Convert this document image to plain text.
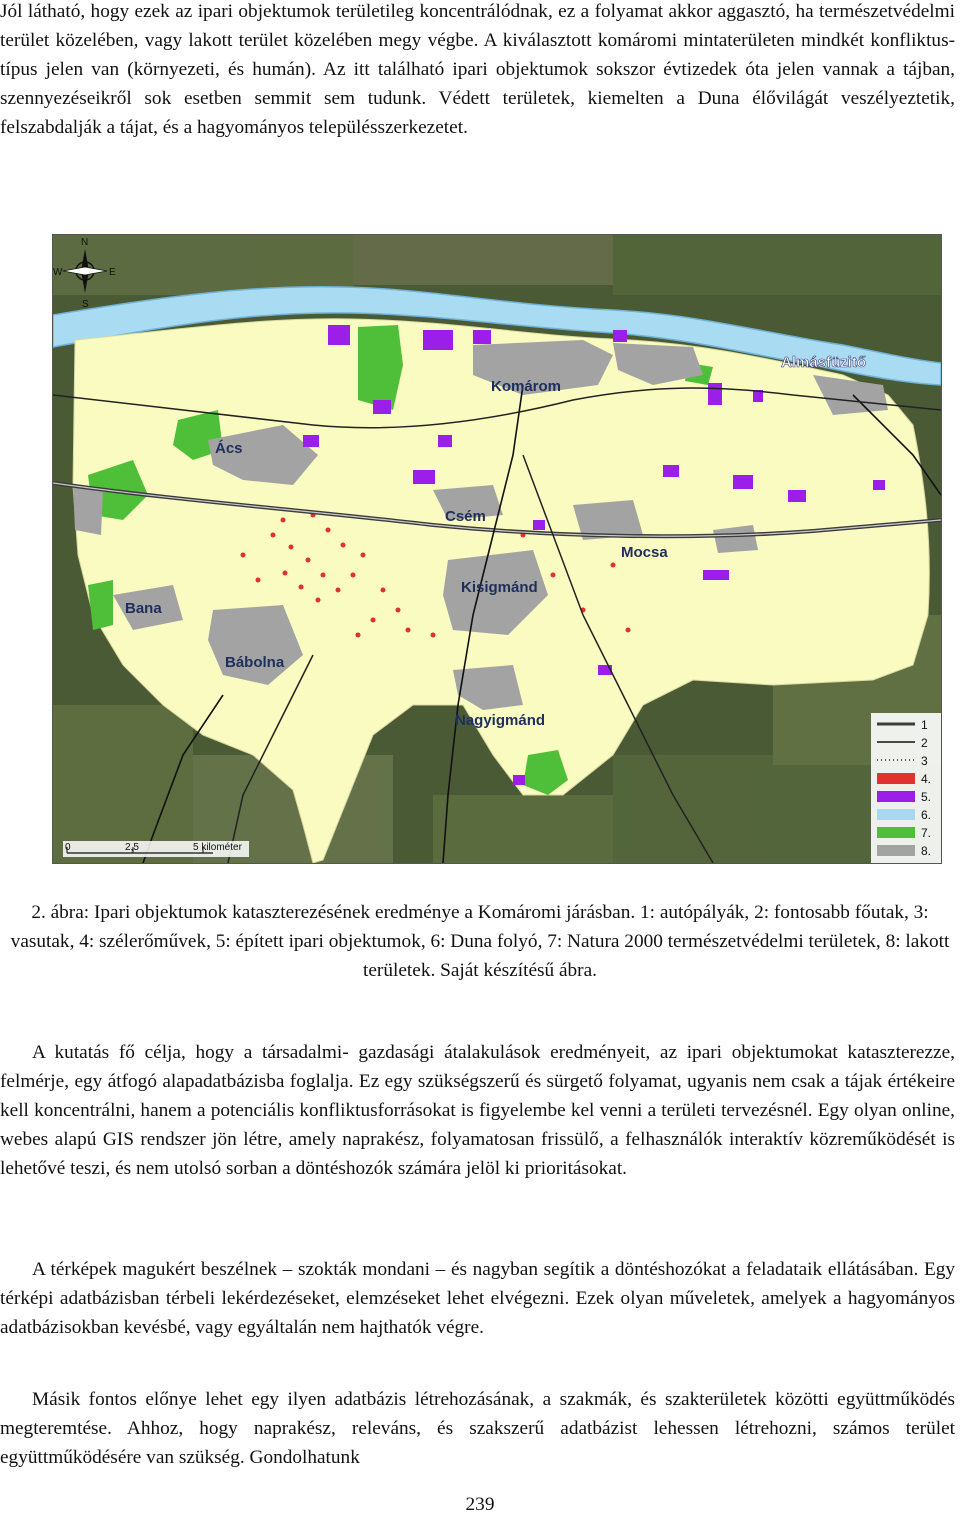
Jól látható, hogy ezek az ipari objektumok területileg koncentrálódnak, ez a folyamat akkor aggasztó, ha természetvédelmi terület közelében, vagy lakott terület közelében megy végbe. A kiválasztott komáromi mintaterületen mindkét konfliktus-típus jelen van (környezeti, és humán). Az itt található ipari objektumok sokszor évtizedek óta jelen vannak a tájban, szennyezéseikről sok esetben semmit sem tudunk. Védett területek, kiemelten a Duna élővilágát veszélyeztetik, felszabdalják a tájat, és a hagyományos településszerkezetet.

N
S
E
W
0	2,5	5 kilométer
Komárom
Almásfüzitő
Ács
Csém
Mocsa
Kisigmánd
Bana
Bábolna
Nagyigmánd	1
2
3
4.
5.
6.
7.
8.

2. ábra: Ipari objektumok kataszterezésének eredménye a Komáromi járásban. 1: autópályák, 2: fontosabb főutak, 3: vasutak, 4: szélerőművek, 5: épített ipari objektumok, 6: Duna folyó, 7: Natura 2000 természetvédelmi területek, 8: lakott területek. Saját készítésű ábra.

A kutatás fő célja, hogy a társadalmi- gazdasági átalakulások eredményeit, az ipari objektumokat kataszterezze, felmérje, egy átfogó alapadatbázisba foglalja. Ez egy szükségszerű és sürgető folyamat, ugyanis nem csak a tájak értékeire kell koncentrálni, hanem a potenciális konfliktusforrásokat is figyelembe kel venni a területi tervezésnél. Egy olyan online, webes alapú GIS rendszer jön létre, amely naprakész, folyamatosan frissülő, a felhasználók interaktív közreműködését is lehetővé teszi, és nem utolsó sorban a döntéshozók számára jelöl ki prioritásokat.

A térképek magukért beszélnek – szokták mondani – és nagyban segítik a döntéshozókat a feladataik ellátásában. Egy térképi adatbázisban térbeli lekérdezéseket, elemzéseket lehet elvégezni. Ezek olyan műveletek, amelyek a hagyományos adatbázisokban kevésbé, vagy egyáltalán nem hajthatók végre.

Másik fontos előnye lehet egy ilyen adatbázis létrehozásának, a szakmák, és szakterületek közötti együttműködés megteremtése. Ahhoz, hogy naprakész, releváns, és szakszerű adatbázist lehessen létrehozni, számos terület együttműködésére van szükség. Gondolhatunk

239
